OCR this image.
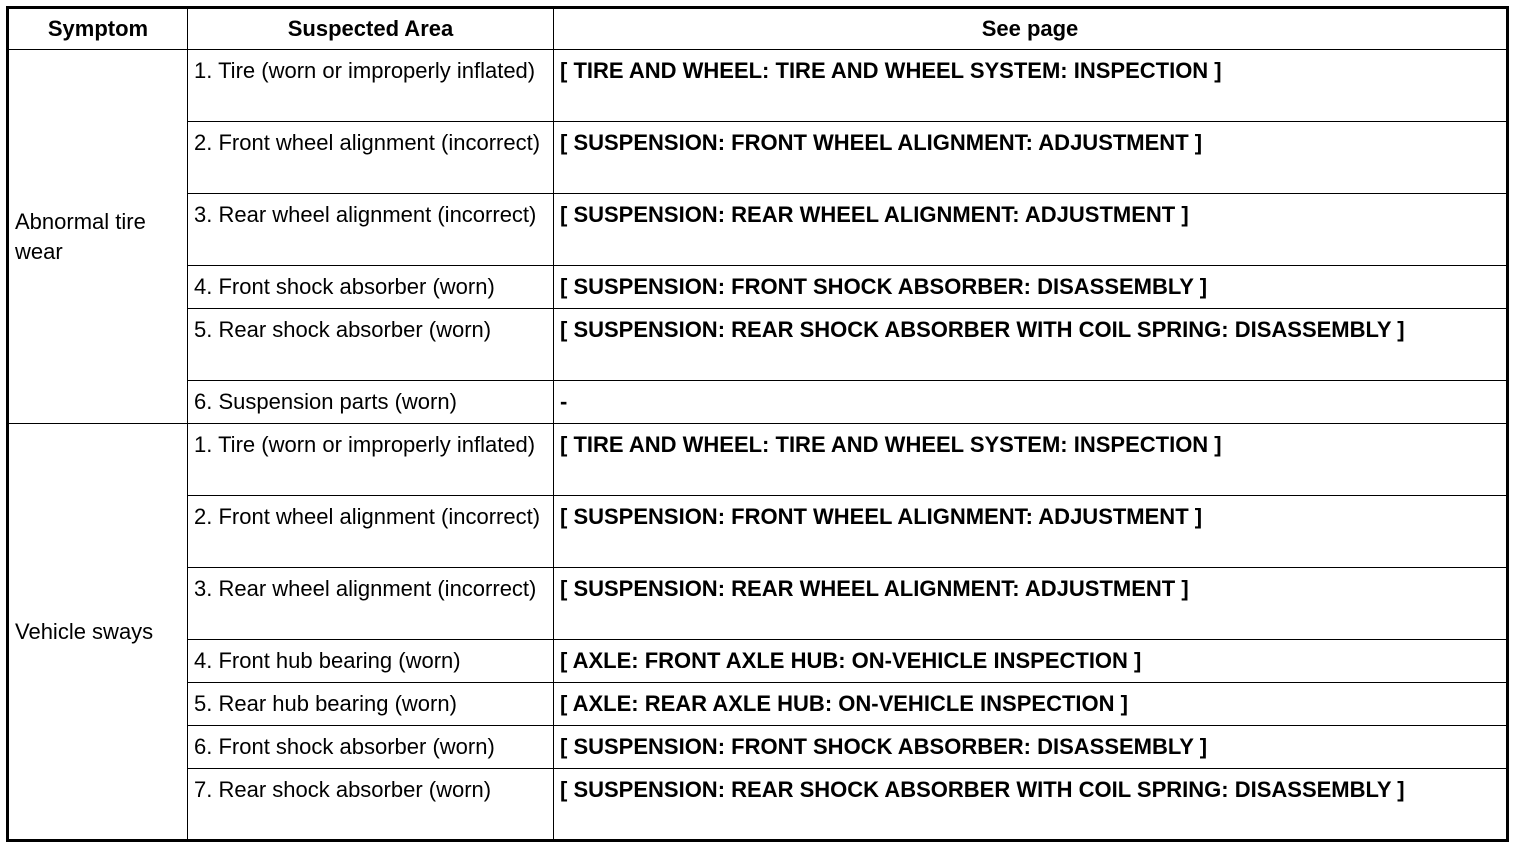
Symptom	Suspected Area	See page
Abnormal tire wear	1. Tire (worn or improperly inflated)	[ TIRE AND WHEEL: TIRE AND WHEEL SYSTEM: INSPECTION ]
	2. Front wheel alignment (incorrect)	[ SUSPENSION: FRONT WHEEL ALIGNMENT: ADJUSTMENT ]
	3. Rear wheel alignment (incorrect)	[ SUSPENSION: REAR WHEEL ALIGNMENT: ADJUSTMENT ]
	4. Front shock absorber (worn)	[ SUSPENSION: FRONT SHOCK ABSORBER: DISASSEMBLY ]
	5. Rear shock absorber (worn)	[ SUSPENSION: REAR SHOCK ABSORBER WITH COIL SPRING: DISASSEMBLY ]
	6. Suspension parts (worn)	-
Vehicle sways	1. Tire (worn or improperly inflated)	[ TIRE AND WHEEL: TIRE AND WHEEL SYSTEM: INSPECTION ]
	2. Front wheel alignment (incorrect)	[ SUSPENSION: FRONT WHEEL ALIGNMENT: ADJUSTMENT ]
	3. Rear wheel alignment (incorrect)	[ SUSPENSION: REAR WHEEL ALIGNMENT: ADJUSTMENT ]
	4. Front hub bearing (worn)	[ AXLE: FRONT AXLE HUB: ON-VEHICLE INSPECTION ]
	5. Rear hub bearing (worn)	[ AXLE: REAR AXLE HUB: ON-VEHICLE INSPECTION ]
	6. Front shock absorber (worn)	[ SUSPENSION: FRONT SHOCK ABSORBER: DISASSEMBLY ]
	7. Rear shock absorber (worn)	[ SUSPENSION: REAR SHOCK ABSORBER WITH COIL SPRING: DISASSEMBLY ]
